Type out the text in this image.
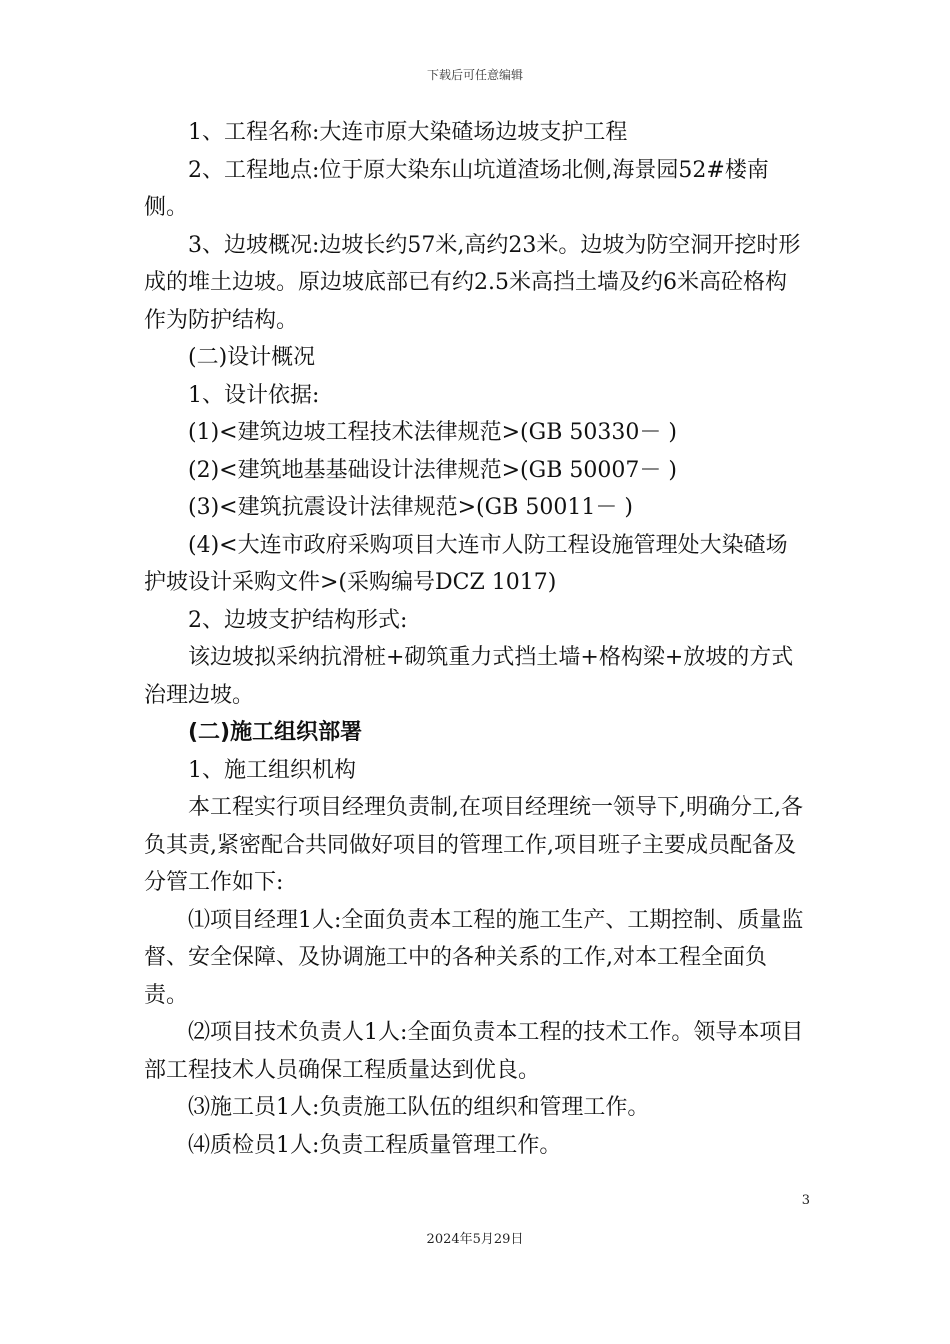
下载后可任意编辑

1、工程名称:大连市原大染碴场边坡支护工程

2、工程地点:位于原大染东山坑道渣场北侧,海景园52#楼南侧。

3、边坡概况:边坡长约57米,高约23米。边坡为防空洞开挖时形成的堆土边坡。原边坡底部已有约2.5米高挡土墙及约6米高砼格构作为防护结构。

(二)设计概况

1、设计依据:

(1)<建筑边坡工程技术法律规范>(GB 50330－ )

(2)<建筑地基基础设计法律规范>(GB 50007－ )

(3)<建筑抗震设计法律规范>(GB 50011－ )

(4)<大连市政府采购项目大连市人防工程设施管理处大染碴场护坡设计采购文件>(采购编号DCZ 1017)

2、边坡支护结构形式:

该边坡拟采纳抗滑桩+砌筑重力式挡土墙+格构梁+放坡的方式治理边坡。

(二)施工组织部署

1、施工组织机构

本工程实行项目经理负责制,在项目经理统一领导下,明确分工,各负其责,紧密配合共同做好项目的管理工作,项目班子主要成员配备及分管工作如下:

⑴项目经理1人:全面负责本工程的施工生产、工期控制、质量监督、安全保障、及协调施工中的各种关系的工作,对本工程全面负责。

⑵项目技术负责人1人:全面负责本工程的技术工作。领导本项目部工程技术人员确保工程质量达到优良。

⑶施工员1人:负责施工队伍的组织和管理工作。

⑷质检员1人:负责工程质量管理工作。

3
2024年5月29日
